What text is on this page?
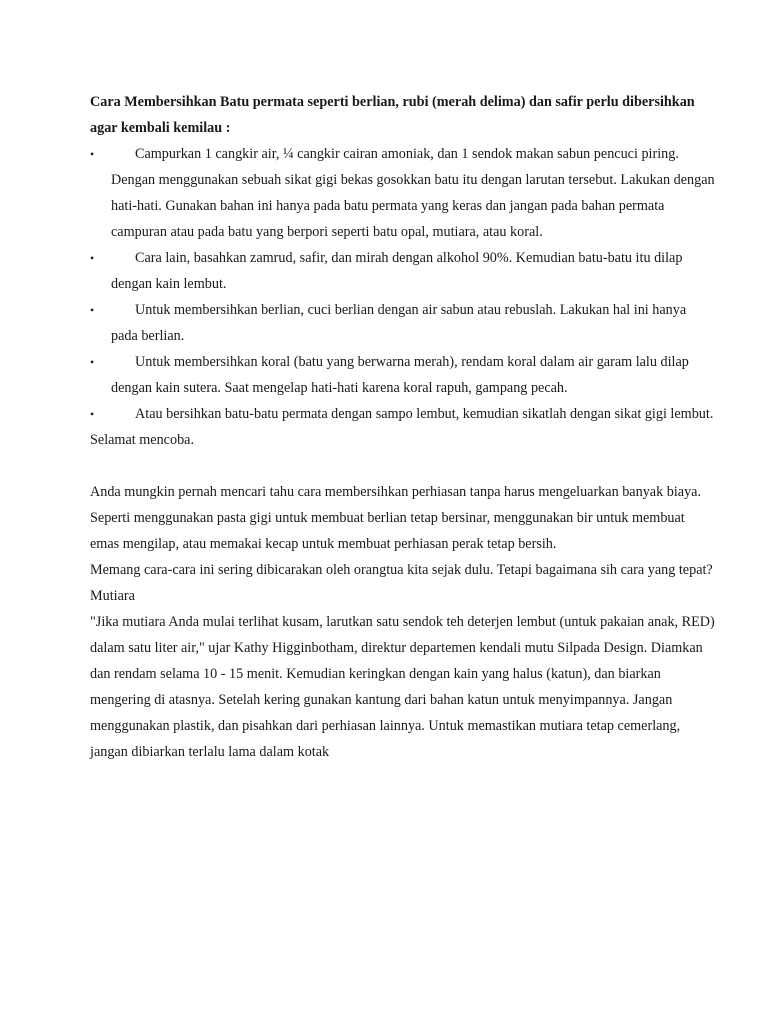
Cara Membersihkan Batu permata seperti berlian, rubi (merah delima) dan safir perlu dibersihkan agar kembali kemilau :

•	Campurkan 1 cangkir air, ¼ cangkir cairan amoniak, dan 1 sendok makan sabun pencuci piring. Dengan menggunakan sebuah sikat gigi bekas gosokkan batu itu dengan larutan tersebut. Lakukan dengan hati-hati. Gunakan bahan ini hanya pada batu permata yang keras dan jangan pada bahan permata campuran atau pada batu yang berpori seperti batu opal, mutiara, atau koral.
•	Cara lain, basahkan zamrud, safir, dan mirah dengan alkohol 90%. Kemudian batu-batu itu dilap dengan kain lembut.
•	Untuk membersihkan berlian, cuci berlian dengan air sabun atau rebuslah. Lakukan hal ini hanya pada berlian.
•	Untuk membersihkan koral (batu yang berwarna merah), rendam koral dalam air garam lalu dilap dengan kain sutera. Saat mengelap hati-hati karena koral rapuh, gampang pecah.
•	Atau bersihkan batu-batu permata dengan sampo lembut, kemudian sikatlah dengan sikat gigi lembut.

Selamat mencoba.

Anda mungkin pernah mencari tahu cara membersihkan perhiasan tanpa harus mengeluarkan banyak biaya. Seperti menggunakan pasta gigi untuk membuat berlian tetap bersinar, menggunakan bir untuk membuat emas mengilap, atau memakai kecap untuk membuat perhiasan perak tetap bersih.

Memang cara-cara ini sering dibicarakan oleh orangtua kita sejak dulu. Tetapi bagaimana sih cara yang tepat?

Mutiara

"Jika mutiara Anda mulai terlihat kusam, larutkan satu sendok teh deterjen lembut (untuk pakaian anak, RED) dalam satu liter air," ujar Kathy Higginbotham, direktur departemen kendali mutu Silpada Design. Diamkan dan rendam selama 10 - 15 menit. Kemudian keringkan dengan kain yang halus (katun), dan biarkan mengering di atasnya. Setelah kering gunakan kantung dari bahan katun untuk menyimpannya. Jangan menggunakan plastik, dan pisahkan dari perhiasan lainnya. Untuk memastikan mutiara tetap cemerlang, jangan dibiarkan terlalu lama dalam kotak
